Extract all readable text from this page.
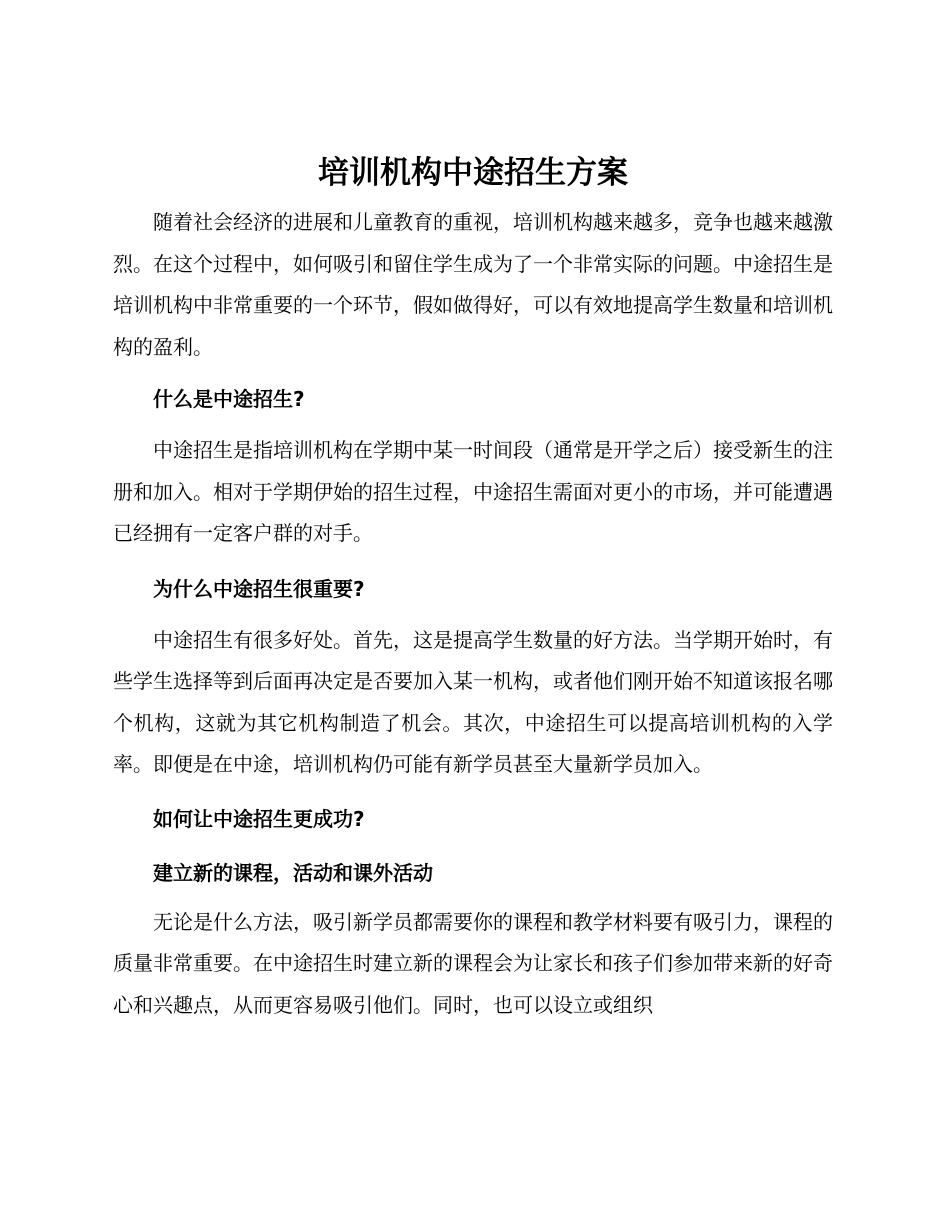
培训机构中途招生方案

随着社会经济的进展和儿童教育的重视，培训机构越来越多，竞争也越来越激烈。在这个过程中，如何吸引和留住学生成为了一个非常实际的问题。中途招生是培训机构中非常重要的一个环节，假如做得好，可以有效地提高学生数量和培训机构的盈利。

什么是中途招生?

中途招生是指培训机构在学期中某一时间段（通常是开学之后）接受新生的注册和加入。相对于学期伊始的招生过程，中途招生需面对更小的市场，并可能遭遇已经拥有一定客户群的对手。

为什么中途招生很重要?

中途招生有很多好处。首先，这是提高学生数量的好方法。当学期开始时，有些学生选择等到后面再决定是否要加入某一机构，或者他们刚开始不知道该报名哪个机构，这就为其它机构制造了机会。其次，中途招生可以提高培训机构的入学率。即便是在中途，培训机构仍可能有新学员甚至大量新学员加入。

如何让中途招生更成功?
建立新的课程，活动和课外活动

无论是什么方法，吸引新学员都需要你的课程和教学材料要有吸引力，课程的质量非常重要。在中途招生时建立新的课程会为让家长和孩子们参加带来新的好奇心和兴趣点，从而更容易吸引他们。同时，也可以设立或组织
